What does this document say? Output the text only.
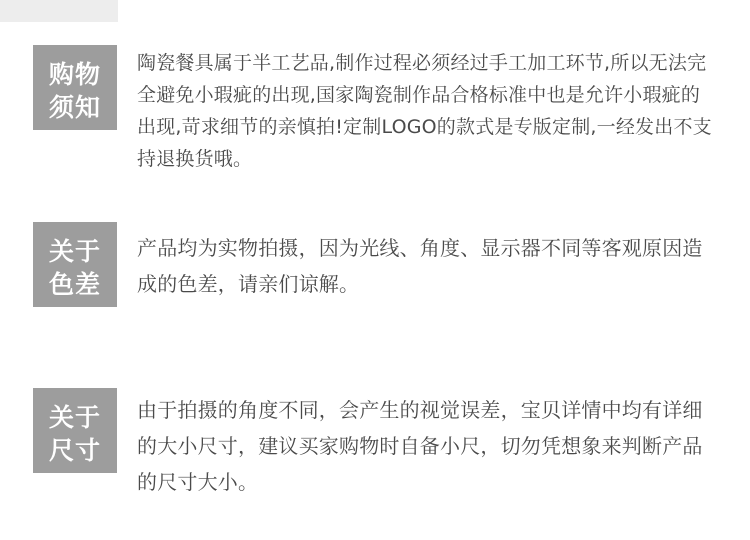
购物
须知
陶瓷餐具属于半工艺品,制作过程必须经过手工加工环节,所以无法完全避免小瑕疵的出现,国家陶瓷制作品合格标准中也是允许小瑕疵的出现,苛求细节的亲慎拍!定制LOGO的款式是专版定制,一经发出不支持退换货哦。
关于
色差
产品均为实物拍摄，因为光线、角度、显示器不同等客观原因造成的色差，请亲们谅解。
关于
尺寸
由于拍摄的角度不同，会产生的视觉误差，宝贝详情中均有详细的大小尺寸，建议买家购物时自备小尺，切勿凭想象来判断产品的尺寸大小。
